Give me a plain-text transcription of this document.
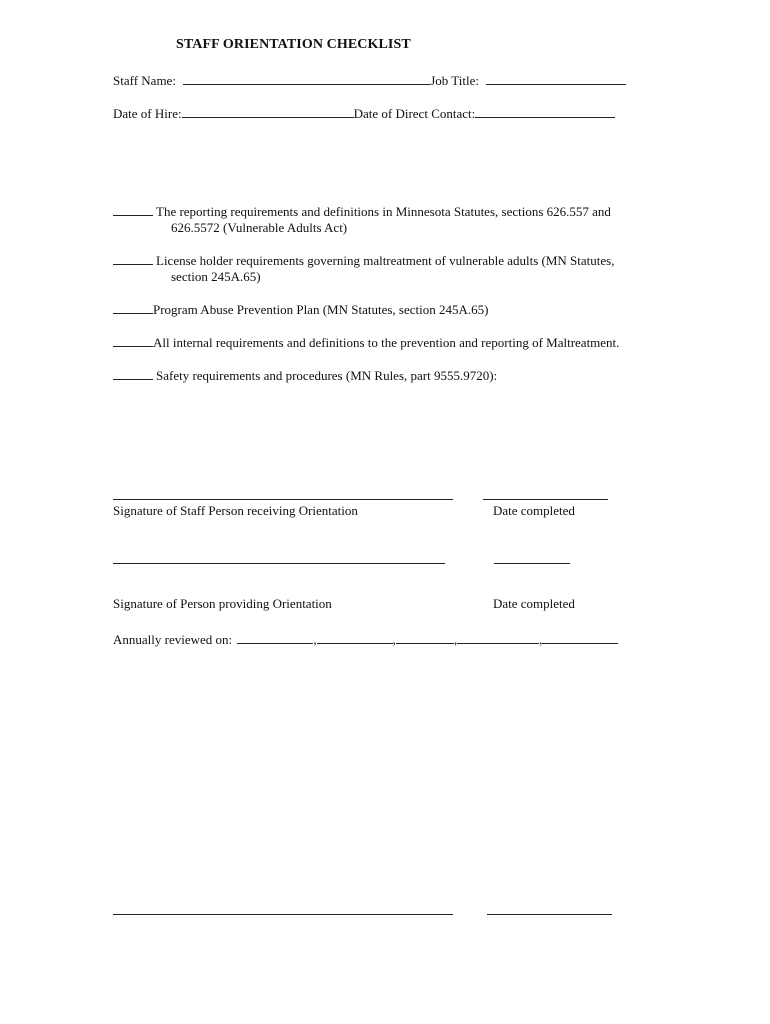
STAFF ORIENTATION CHECKLIST
Staff Name:	Job Title:
Date of Hire:	Date of Direct Contact:
The reporting requirements and definitions in Minnesota Statutes, sections 626.557 and
626.5572 (Vulnerable Adults Act)
License holder requirements governing maltreatment of vulnerable adults (MN Statutes,
section 245A.65)
Program Abuse Prevention Plan (MN Statutes, section 245A.65)
All internal requirements and definitions to the prevention and reporting of Maltreatment.
Safety requirements and procedures (MN Rules, part 9555.9720):
Signature of Staff Person receiving Orientation	Date completed
Signature of Person providing Orientation	Date completed
Annually reviewed on:	,	,	,	,
